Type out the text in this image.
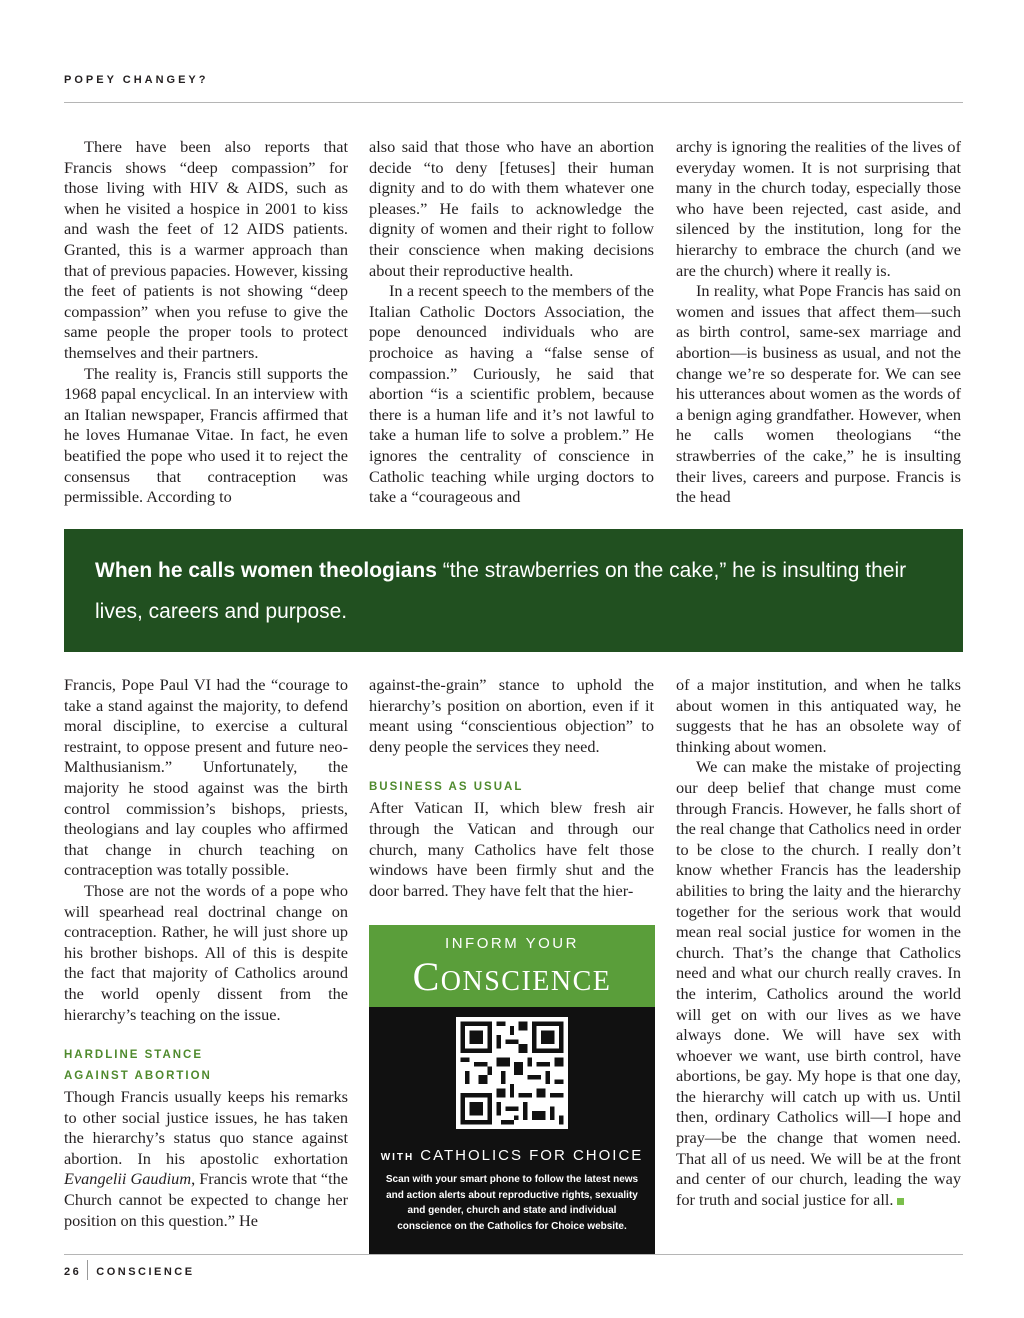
POPEY CHANGEY?

There have been also reports that Francis shows “deep compassion” for those living with HIV & AIDS, such as when he visited a hospice in 2001 to kiss and wash the feet of 12 AIDS patients. Granted, this is a warmer approach than that of previous papacies. However, kissing the feet of patients is not showing “deep compassion” when you refuse to give the same people the proper tools to protect themselves and their partners.

The reality is, Francis still supports the 1968 papal encyclical. In an interview with an Italian newspaper, Francis affirmed that he loves Humanae Vitae. In fact, he even beatified the pope who used it to reject the consensus that contraception was permissible. According to

also said that those who have an abortion decide “to deny [fetuses] their human dignity and to do with them whatever one pleases.” He fails to acknowledge the dignity of women and their right to follow their conscience when making decisions about their reproductive health.

In a recent speech to the members of the Italian Catholic Doctors Association, the pope denounced individuals who are prochoice as having a “false sense of compassion.” Curiously, he said that abortion “is a scientific problem, because there is a human life and it’s not lawful to take a human life to solve a problem.” He ignores the centrality of conscience in Catholic teaching while urging doctors to take a “courageous and

archy is ignoring the realities of the lives of everyday women. It is not surprising that many in the church today, especially those who have been rejected, cast aside, and silenced by the institution, long for the hierarchy to embrace the church (and we are the church) where it really is.

In reality, what Pope Francis has said on women and issues that affect them—such as birth control, same-sex marriage and abortion—is business as usual, and not the change we’re so desperate for. We can see his utterances about women as the words of a benign aging grandfather. However, when he calls women theologians “the strawberries of the cake,” he is insulting their lives, careers and purpose. Francis is the head

When he calls women theologians “the strawberries on the cake,” he is insulting their lives, careers and purpose.

Francis, Pope Paul VI had the “courage to take a stand against the majority, to defend moral discipline, to exercise a cultural restraint, to oppose present and future neo-Malthusianism.” Unfortunately, the majority he stood against was the birth control commission’s bishops, priests, theologians and lay couples who affirmed that change in church teaching on contraception was totally possible.

Those are not the words of a pope who will spearhead real doctrinal change on contraception. Rather, he will just shore up his brother bishops. All of this is despite the fact that majority of Catholics around the world openly dissent from the hierarchy’s teaching on the issue.

HARDLINE STANCE
AGAINST ABORTION

Though Francis usually keeps his remarks to other social justice issues, he has taken the hierarchy’s status quo stance against abortion. In his apostolic exhortation Evangelii Gaudium, Francis wrote that “the Church cannot be expected to change her position on this question.” He

against-the-grain” stance to uphold the hierarchy’s position on abortion, even if it meant using “conscientious objection” to deny people the services they need.

BUSINESS AS USUAL

After Vatican II, which blew fresh air through the Vatican and through our church, many Catholics have felt those windows have been firmly shut and the door barred. They have felt that the hier-

of a major institution, and when he talks about women in this antiquated way, he suggests that he has an obsolete way of thinking about women.

We can make the mistake of projecting our deep belief that change must come through Francis. However, he falls short of the real change that Catholics need in order to be close to the church. I really don’t know whether Francis has the leadership abilities to bring the laity and the hierarchy together for the serious work that would mean real social justice for women in the church. That’s the change that Catholics need and what our church really craves. In the interim, Catholics around the world will get on with our lives as we have always done. We will have sex with whoever we want, use birth control, have abortions, be gay. My hope is that one day, the hierarchy will catch up with us. Until then, ordinary Catholics will—I hope and pray—be the change that women need. That all of us need. We will be at the front and center of our church, leading the way for truth and social justice for all.

INFORM YOUR
Conscience
WITH CATHOLICS FOR CHOICE
Scan with your smart phone to follow the latest news and action alerts about reproductive rights, sexuality and gender, church and state and individual conscience on the Catholics for Choice website.
26 CONSCIENCE
